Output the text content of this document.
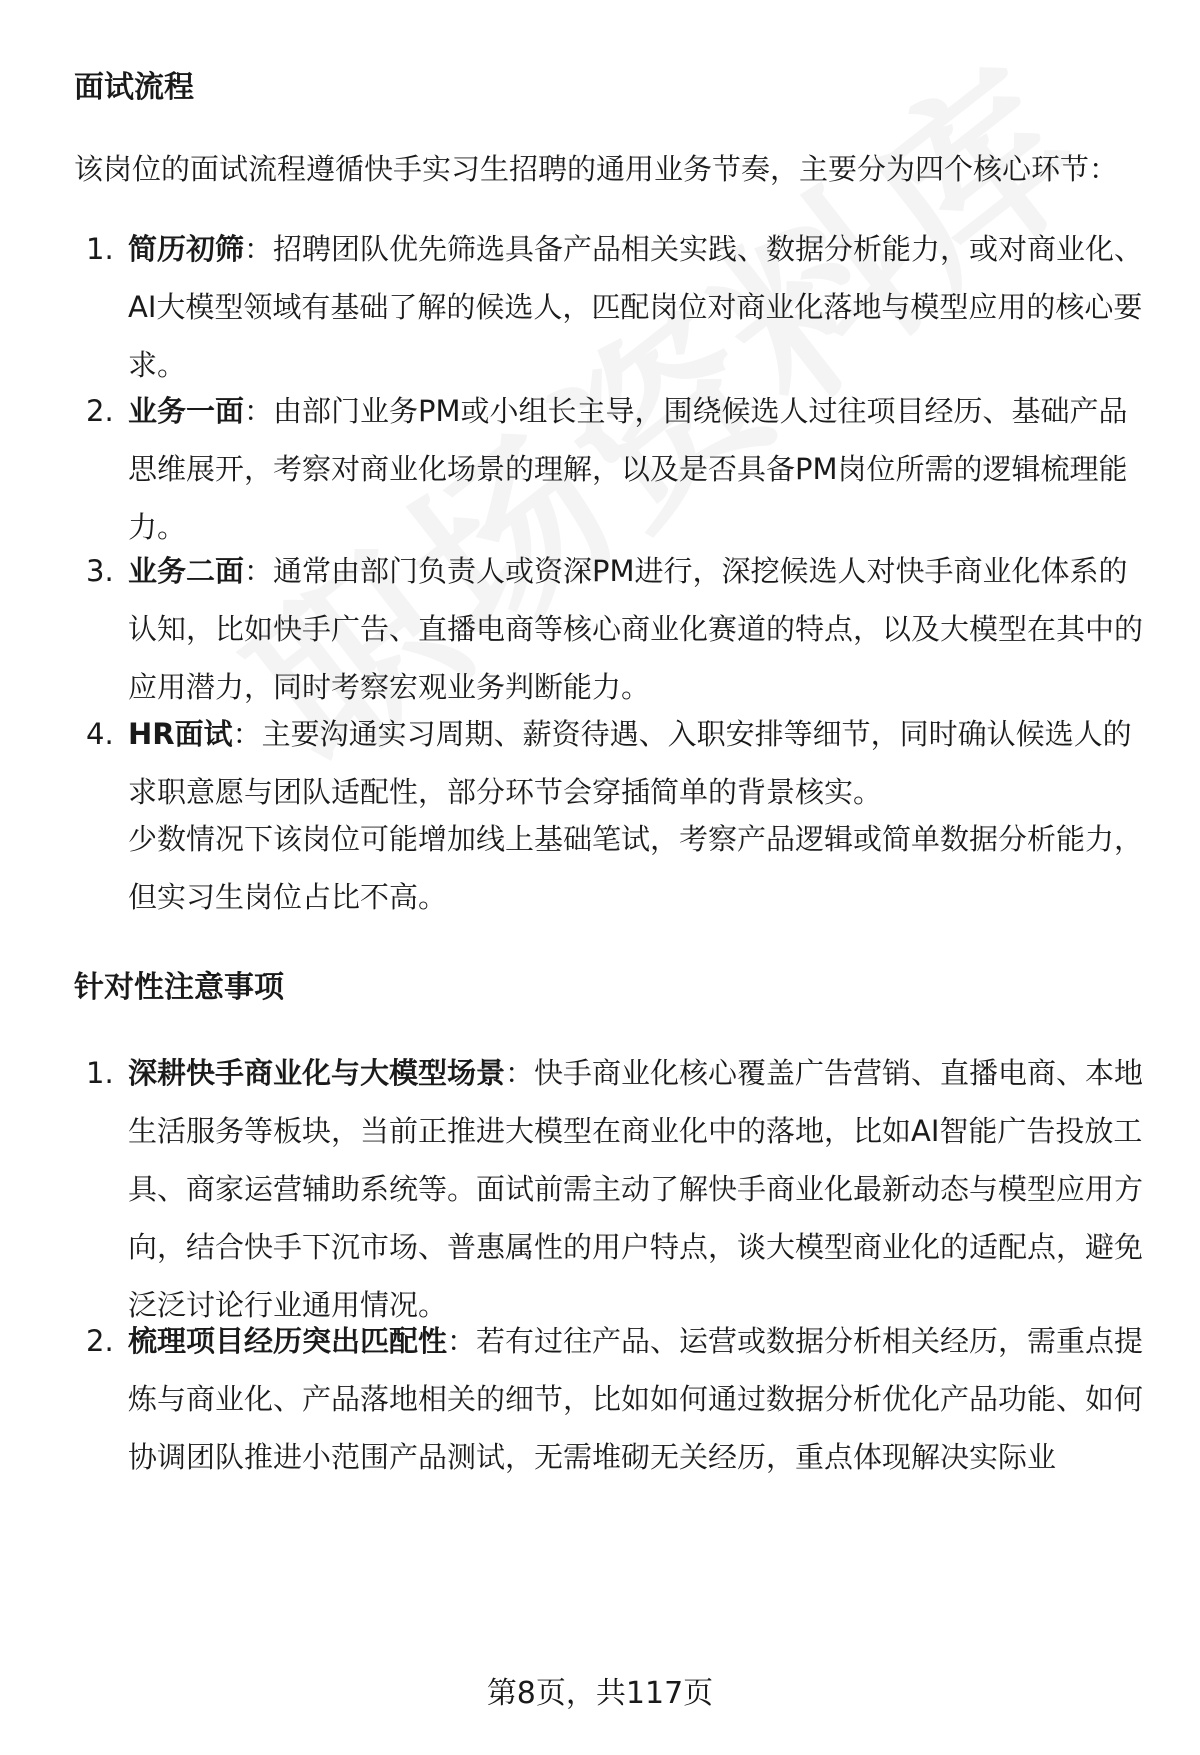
面试流程

该岗位的面试流程遵循快手实习生招聘的通用业务节奏，主要分为四个核心环节：

1. 简历初筛：招聘团队优先筛选具备产品相关实践、数据分析能力，或对商业化、AI大模型领域有基础了解的候选人，匹配岗位对商业化落地与模型应用的核心要求。
2. 业务一面：由部门业务PM或小组长主导，围绕候选人过往项目经历、基础产品思维展开，考察对商业化场景的理解，以及是否具备PM岗位所需的逻辑梳理能力。
3. 业务二面：通常由部门负责人或资深PM进行，深挖候选人对快手商业化体系的认知，比如快手广告、直播电商等核心商业化赛道的特点，以及大模型在其中的应用潜力，同时考察宏观业务判断能力。
4. HR面试：主要沟通实习周期、薪资待遇、入职安排等细节，同时确认候选人的求职意愿与团队适配性，部分环节会穿插简单的背景核实。

少数情况下该岗位可能增加线上基础笔试，考察产品逻辑或简单数据分析能力，但实习生岗位占比不高。

针对性注意事项
1. 深耕快手商业化与大模型场景：快手商业化核心覆盖广告营销、直播电商、本地生活服务等板块，当前正推进大模型在商业化中的落地，比如AI智能广告投放工具、商家运营辅助系统等。面试前需主动了解快手商业化最新动态与模型应用方向，结合快手下沉市场、普惠属性的用户特点，谈大模型商业化的适配点，避免泛泛讨论行业通用情况。
2. 梳理项目经历突出匹配性：若有过往产品、运营或数据分析相关经历，需重点提炼与商业化、产品落地相关的细节，比如如何通过数据分析优化产品功能、如何协调团队推进小范围产品测试，无需堆砌无关经历，重点体现解决实际业
第8页，共117页
